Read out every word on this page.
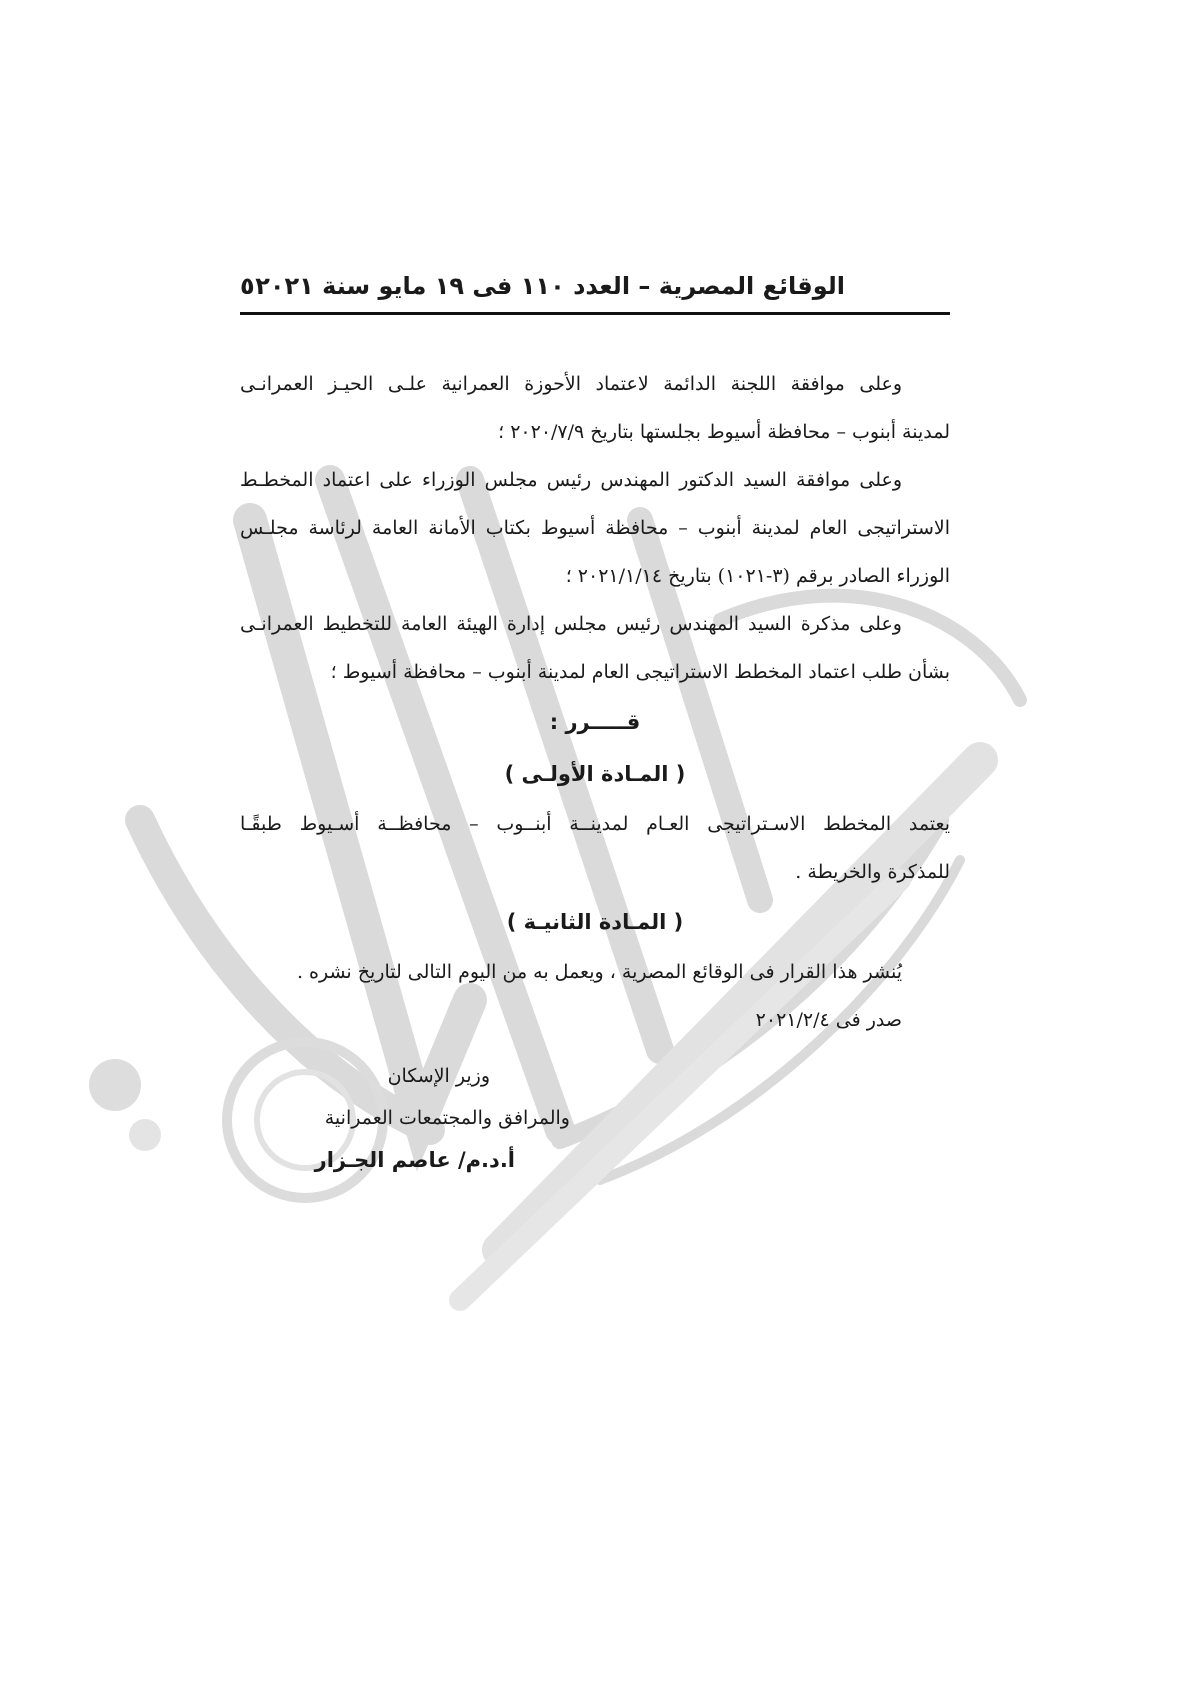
الوقائع المصرية – العدد ١١٠ فى ١٩ مايو سنة ٢٠٢١
٥
وعلى موافقة اللجنة الدائمة لاعتماد الأحوزة العمرانية علـى الحيـز العمرانـى
لمدينة أبنوب – محافظة أسيوط بجلستها بتاريخ ٢٠٢٠/٧/٩ ؛
وعلى موافقة السيد الدكتور المهندس رئيس مجلس الوزراء على اعتماد المخطـط
الاستراتيجى العام لمدينة أبنوب – محافظة أسيوط بكتاب الأمانة العامة لرئاسة مجلـس
الوزراء الصادر برقم (٣-١٠٢١) بتاريخ ٢٠٢١/١/١٤ ؛
وعلى مذكرة السيد المهندس رئيس مجلس إدارة الهيئة العامة للتخطيط العمرانـى
بشأن طلب اعتماد المخطط الاستراتيجى العام لمدينة أبنوب – محافظة أسيوط ؛
قـــــرر :
( المـادة الأولـى )
يعتمد المخطط الاسـتراتيجى العـام لمدينــة أبنــوب – محافظــة أسـيوط طبقًـا
للمذكرة والخريطة .
( المـادة الثانيـة )
يُنشر هذا القرار فى الوقائع المصرية ، ويعمل به من اليوم التالى لتاريخ نشره .
صدر فى ٢٠٢١/٢/٤
وزير الإسكان
والمرافق والمجتمعات العمرانية
أ.د.م/ عاصم الجـزار
